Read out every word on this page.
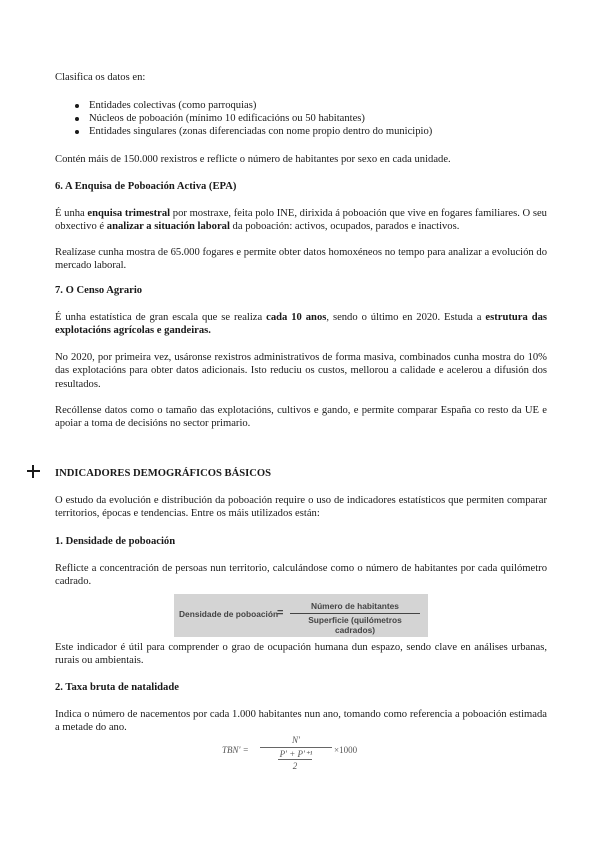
Clasifica os datos en:

Entidades colectivas (como parroquias)
Núcleos de poboación (mínimo 10 edificacións ou 50 habitantes)
Entidades singulares (zonas diferenciadas con nome propio dentro do municipio)

Contén máis de 150.000 rexistros e reflicte o número de habitantes por sexo en cada unidade.

6. A Enquisa de Poboación Activa (EPA)

É unha enquisa trimestral por mostraxe, feita polo INE, dirixida á poboación que vive en fogares familiares. O seu obxectivo é analizar a situación laboral da poboación: activos, ocupados, parados e inactivos.

Realízase cunha mostra de 65.000 fogares e permite obter datos homoxéneos no tempo para analizar a evolución do mercado laboral.

7. O Censo Agrario

É unha estatística de gran escala que se realiza cada 10 anos, sendo o último en 2020. Estuda a estrutura das explotacións agrícolas e gandeiras.

No 2020, por primeira vez, usáronse rexistros administrativos de forma masiva, combinados cunha mostra do 10% das explotacións para obter datos adicionais. Isto reduciu os custos, mellorou a calidade e acelerou a difusión dos resultados.

Recóllense datos como o tamaño das explotacións, cultivos e gando, e permite comparar España co resto da UE e apoiar a toma de decisións no sector primario.

INDICADORES DEMOGRÁFICOS BÁSICOS

O estudo da evolución e distribución da poboación require o uso de indicadores estatísticos que permiten comparar territorios, épocas e tendencias. Entre os máis utilizados están:

1. Densidade de poboación

Reflicte a concentración de persoas nun territorio, calculándose como o número de habitantes por cada quilómetro cadrado.

Densidade de poboación
=
Número de habitantes
Superficie (quilómetros cadrados)

Este indicador é útil para comprender o grao de ocupación humana dun espazo, sendo clave en análises urbanas, rurais ou ambientais.

2. Taxa bruta de natalidade

Indica o número de nacementos por cada 1.000 habitantes nun ano, tomando como referencia a poboación estimada a metade do ano.

TBN' =
N'
P' + P'⁺¹
2
×1000
